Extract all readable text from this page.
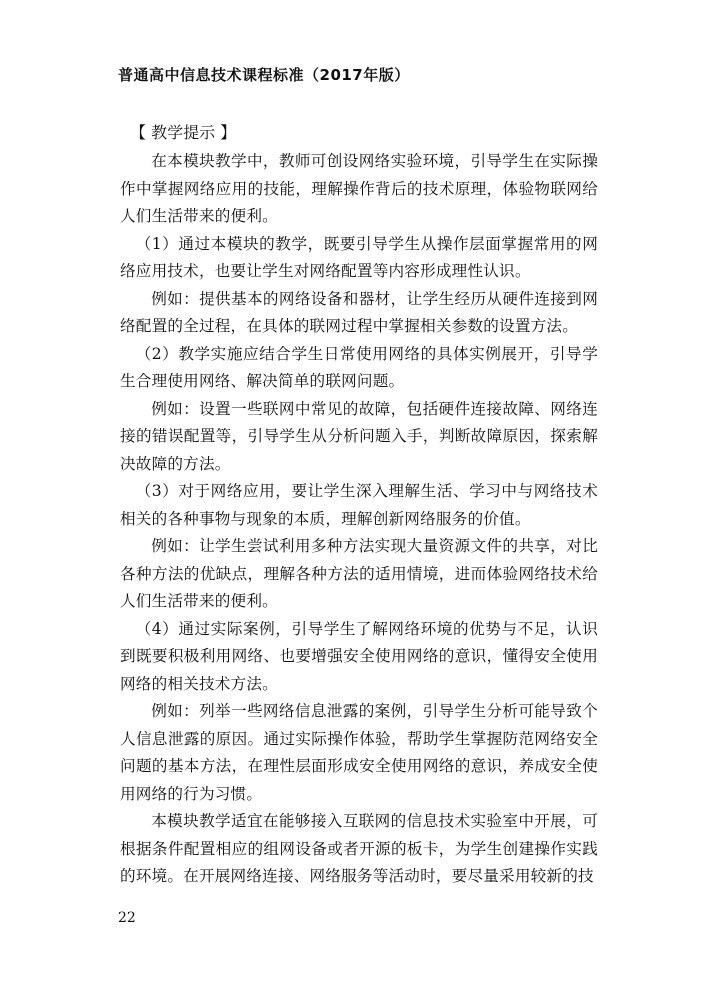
普通高中信息技术课程标准（2017年版）
【 教学提示 】

在本模块教学中，教师可创设网络实验环境，引导学生在实际操作中掌握网络应用的技能，理解操作背后的技术原理，体验物联网给人们生活带来的便利。

（1）通过本模块的教学，既要引导学生从操作层面掌握常用的网络应用技术，也要让学生对网络配置等内容形成理性认识。

例如：提供基本的网络设备和器材，让学生经历从硬件连接到网络配置的全过程，在具体的联网过程中掌握相关参数的设置方法。

（2）教学实施应结合学生日常使用网络的具体实例展开，引导学生合理使用网络、解决简单的联网问题。

例如：设置一些联网中常见的故障，包括硬件连接故障、网络连接的错误配置等，引导学生从分析问题入手，判断故障原因，探索解决故障的方法。

（3）对于网络应用，要让学生深入理解生活、学习中与网络技术相关的各种事物与现象的本质，理解创新网络服务的价值。

例如：让学生尝试利用多种方法实现大量资源文件的共享，对比各种方法的优缺点，理解各种方法的适用情境，进而体验网络技术给人们生活带来的便利。

（4）通过实际案例，引导学生了解网络环境的优势与不足，认识到既要积极利用网络、也要增强安全使用网络的意识，懂得安全使用网络的相关技术方法。

例如：列举一些网络信息泄露的案例，引导学生分析可能导致个人信息泄露的原因。通过实际操作体验，帮助学生掌握防范网络安全问题的基本方法，在理性层面形成安全使用网络的意识，养成安全使用网络的行为习惯。

本模块教学适宜在能够接入互联网的信息技术实验室中开展，可根据条件配置相应的组网设备或者开源的板卡，为学生创建操作实践的环境。在开展网络连接、网络服务等活动时，要尽量采用较新的技

22
